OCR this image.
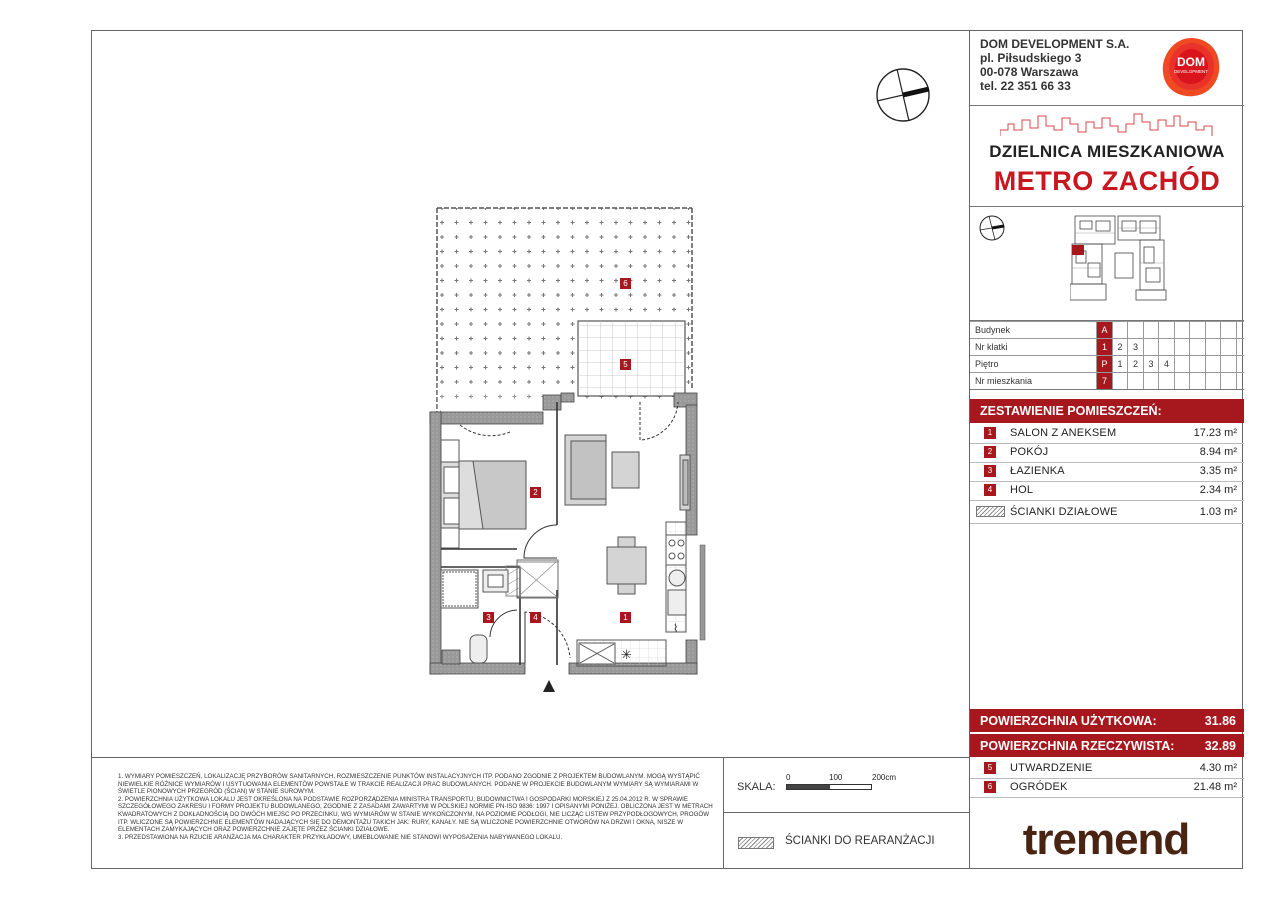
✳
⌇
1
2
3	4
5
6
DOM DEVELOPMENT S.A.
pl. Piłsudskiego 3
00-078 Warszawa
tel. 22 351 66 33
DOM
DEVELOPMENT
DZIELNICA MIESZKANIOWA
METRO ZACHÓD
Budynek	A
Nr klatki	1	2	3
Piętro	P	1	2	3	4
Nr mieszkania	7
ZESTAWIENIE POMIESZCZEŃ:
1	SALON Z ANEKSEM	17.23 m²
2	POKÓJ	8.94 m²
3	ŁAZIENKA	3.35 m²
4	HOL	2.34 m²
ŚCIANKI DZIAŁOWE	1.03 m²
POWIERZCHNIA UŻYTKOWA:	31.86
POWIERZCHNIA RZECZYWISTA: 32.89
5	UTWARDZENIE	4.30 m²
6	OGRÓDEK	21.48 m²
1. WYMIARY POMIESZCZEŃ, LOKALIZACJĘ PRZYBORÓW SANITARNYCH, ROZMIESZCZENIE PUNKTÓW INSTALACYJNYCH ITP. PODANO ZGODNIE Z PROJEKTEM BUDOWLANYM. MOGĄ WYSTĄPIĆ NIEWIELKIE RÓŻNICE WYMIARÓW I USYTUOWANIA ELEMENTÓW POWSTAŁE W TRAKCIE REALIZACJI PRAC BUDOWLANYCH. PODANE W PROJEKCIE BUDOWLANYM WYMIARY SĄ WYMIARAMI W ŚWIETLE PIONOWYCH PRZEGRÓD (ŚCIAN) W STANIE SUROWYM.
2. POWIERZCHNIA UŻYTKOWA LOKALU JEST OKREŚLONA NA PODSTAWIE ROZPORZĄDZENIA MINISTRA TRANSPORTU, BUDOWNICTWA I GOSPODARKI MORSKIEJ Z 25.04.2012 R. W SPRAWIE SZCZEGÓŁOWEGO ZAKRESU I FORMY PROJEKTU BUDOWLANEGO, ZGODNIE Z ZASADAMI ZAWARTYMI W POLSKIEJ NORMIE PN-ISO 9836: 1997 I OPISANYMI PONIŻEJ. OBLICZONA JEST W METRACH KWADRATOWYCH Z DOKŁADNOŚCIĄ DO DWÓCH MIEJSC PO PRZECINKU, WG WYMIARÓW W STANIE WYKOŃCZONYM, NA POZIOMIE PODŁOGI, NIE LICZĄC LISTEW PRZYPODŁOGOWYCH, PROGÓW ITP. WLICZONE SĄ POWIERZCHNIE ELEMENTÓW NADAJĄCYCH SIĘ DO DEMONTAŻU TAKICH JAK: RURY, KANAŁY. NIE SĄ WLICZONE POWIERZCHNIE OTWORÓW NA DRZWI I OKNA, NISZE W ELEMENTACH ZAMYKAJĄCYCH ORAZ POWIERZCHNIE ZAJĘTE PRZEZ ŚCIANKI DZIAŁOWE.
3. PRZEDSTAWIONA NA RZUCIE ARANŻACJA MA CHARAKTER PRZYKŁADOWY, UMEBLOWANIE NIE STANOWI WYPOSAŻENIA NABYWANEGO LOKALU.
SKALA:
0	100	200cm
ŚCIANKI DO REARANŻACJI	tremend
